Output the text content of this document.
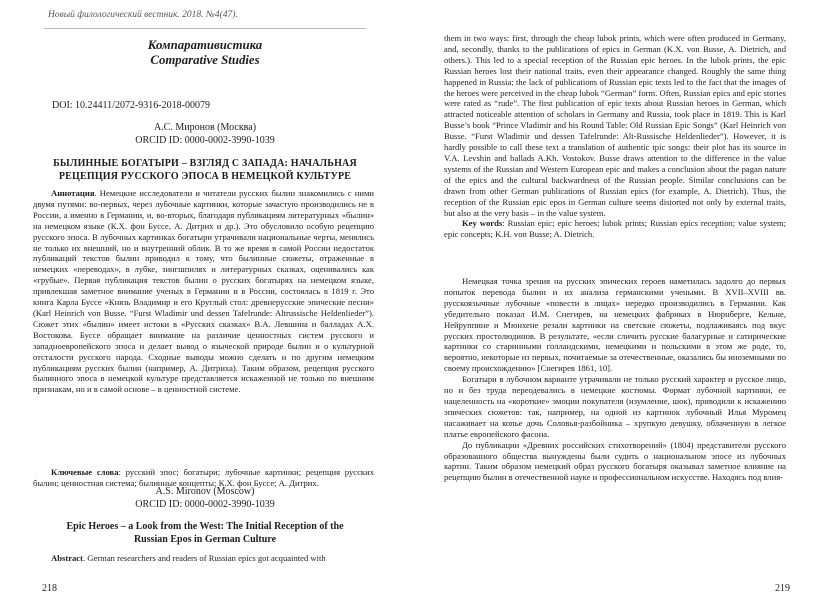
Новый филологический вестник. 2018. №4(47).
Компаративистика
Comparative Studies
DOI: 10.24411/2072-9316-2018-00079
А.С. Миронов (Москва)
ORCID ID: 0000-0002-3990-1039
БЫЛИННЫЕ БОГАТЫРИ – ВЗГЛЯД С ЗАПАДА: НАЧАЛЬНАЯ
РЕЦЕПЦИЯ РУССКОГО ЭПОСА В НЕМЕЦКОЙ КУЛЬТУРЕ

Аннотация. Немецкие исследователи и читатели русских былин знакомились с ними двумя путями: во-первых, через лубочные картинки, которые зачастую производились не в России, а именно в Германии, и, во-вторых, благодаря публикациям литературных «былин» на немецком языке (К.Х. фон Буссе, А. Дитрих и др.). Это обусловило особую рецепцию русского эпоса. В лубочных картинках богатыри утрачивали национальные черты, менялись не только их внешний, но и внутренний облик. В то же время в самой России недостаток публикаций текстов былин приводил к тому, что былинные сюжеты, отраженные в немецких «переводах», в лубке, зингшпилях и литературных сказках, оценивались как «грубые». Первая публикация текстов былин о русских богатырях на немецком языке, привлекшая заметное внимание ученых в Германии и в России, состоялась в 1819 г. Это книга Карла Буссе «Князь Владимир и его Круглый стол: древнерусские эпические песни» (Karl Heinrich von Busse. “Furst Wladimir und dessen Tafelrunde: Altrussische Heldenlieder”). Сюжет этих «былин» имеет истоки в «Русских сказках» В.А. Левшина и балладах А.Х. Востокова. Буссе обращает внимание на различие ценностных систем русского и западноевропейского эпоса и делает вывод о языческой природе былин и о культурной отсталости русского народа. Сходные выводы можно сделать и по другим немецким публикациям русских былин (например, А. Дитриха). Таким образом, рецепция русского былинного эпоса в немецкой культуре представляется искаженной не только по внешним признакам, но и в самой основе – в ценностной системе.

Ключевые слова: русский эпос; богатыри; лубочные картинки; рецепция русских былин; ценностная система; былинные концепты; К.Х. фон Буссе; А. Дитрих.

A.S. Mironov (Moscow)
ORCID ID: 0000-0002-3990-1039
Epic Heroes – a Look from the West: The Initial Reception of the
Russian Epos in German Culture

Abstract. German researchers and readers of Russian epics got acquainted with

218

them in two ways: first, through the cheap lubok prints, which were often produced in Germany, and, secondly, thanks to the publications of epics in German (K.X. von Busse, A. Dietrich, and others.). This led to a special reception of the Russian epic heroes. In the lubok prints, the epic Russian heroes lost their national traits, even their appearance changed. Roughly the same thing happened in Russia; the lack of publications of Russian epic texts led to the fact that the images of the heroes were perceived in the cheap lubok “German” form. Often, Russian epics and epic stories were rated as “rude”. The first publication of epic texts about Russian heroes in German, which attracted noticeable attention of scholars in Germany and Russia, took place in 1819. This is Karl Busse’s book “Prince Vladimir and his Round Table: Old Russian Epic Songs” (Karl Heinrich von Busse. “Furst Wladimir und dessen Tafelrunde: Alt-Russische Heldenlieder”). However, it is hardly possible to call these text a translation of authentic tpic songs: their plot has its source in V.A. Levshin and ballads A.Kh. Vostokov. Busse draws attention to the difference in the value systems of the Russian and Western European epic and makes a conclusion about the pagan nature of the epics and the cultural backwardness of the Russian people. Similar conclusions can be drawn from other German publications of Russian epics (for example, A. Dietrich). Thus, the reception of the Russian epic epos in German culture seems distorted not only by external traits, but also at the very basis – in the value system.

Key words: Russian epic; epic heroes; lubok prints; Russian epics reception; value system; epic concepts; K.H. von Busse; A. Dietrich.

Немецкая точка зрения на русских эпических героев наметилась задолго до первых попыток перевода былин и их анализа германскими учеными. В XVII–XVIII вв. русскоязычные лубочные «повести в лицах» нередко производились в Германии. Как убедительно показал И.М. Снегирев, на немецких фабриках в Нюрнберге, Кельне, Нейруппине и Мюнхене резали картинки на светские сюжеты, подлаживаясь под вкус русских простолюдинов. В результате, «если сличить русские балагурные и сатирические картинки со старинными голландскими, немецкими и польскими в этом же роде, то, вероятно, некоторые из первых, почитаемые за отечественные, оказались бы иноземными по своему происхождению» [Снегирев 1861, 10].

Богатыри в лубочном варианте утрачивали не только русский характер и русское лицо, но и без труда переодевались в немецкие костюмы. Формат лубочной картинки, ее нацеленность на «короткие» эмоции покупателя (изумление, шок), приводили к искажению эпических сюжетов: так, например, на одной из картинок лубочный Илья Муромец насаживает на копье дочь Соловья-разбойника – хрупкую девушку, облаченную в легкое платье европейского фасона.

До публикации «Древних российских стихотворений» (1804) представители русского образованного общества вынуждены были судить о национальном эпосе из лубочных картин. Таким образом немецкий образ русского богатыря оказывал заметное влияние на рецепцию былин в отечественной науке и профессиональном искусстве. Находясь под влия-

219
